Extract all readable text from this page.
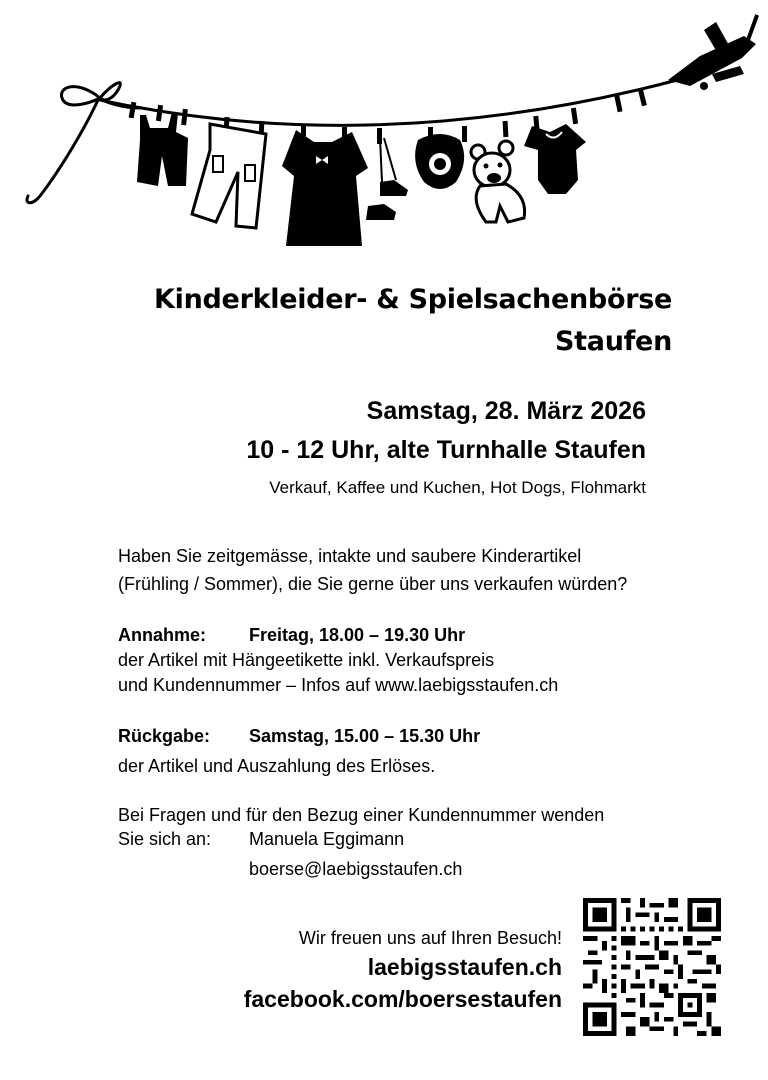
Kinderkleider- & Spielsachenbörse
Staufen
Samstag, 28. März 2026
10 - 12 Uhr, alte Turnhalle Staufen
Verkauf, Kaffee und Kuchen, Hot Dogs, Flohmarkt
Haben Sie zeitgemässe, intakte und saubere Kinderartikel
(Frühling / Sommer), die Sie gerne über uns verkaufen würden?
Annahme: Freitag, 18.00 – 19.30 Uhr
der Artikel mit Hängeetikette inkl. Verkaufspreis
und Kundennummer – Infos auf www.laebigsstaufen.ch
Rückgabe: Samstag, 15.00 – 15.30 Uhr
der Artikel und Auszahlung des Erlöses.
Bei Fragen und für den Bezug einer Kundennummer wenden
Sie sich an: Manuela Eggimann
boerse@laebigsstaufen.ch
Wir freuen uns auf Ihren Besuch!
laebigsstaufen.ch
facebook.com/boersestaufen
